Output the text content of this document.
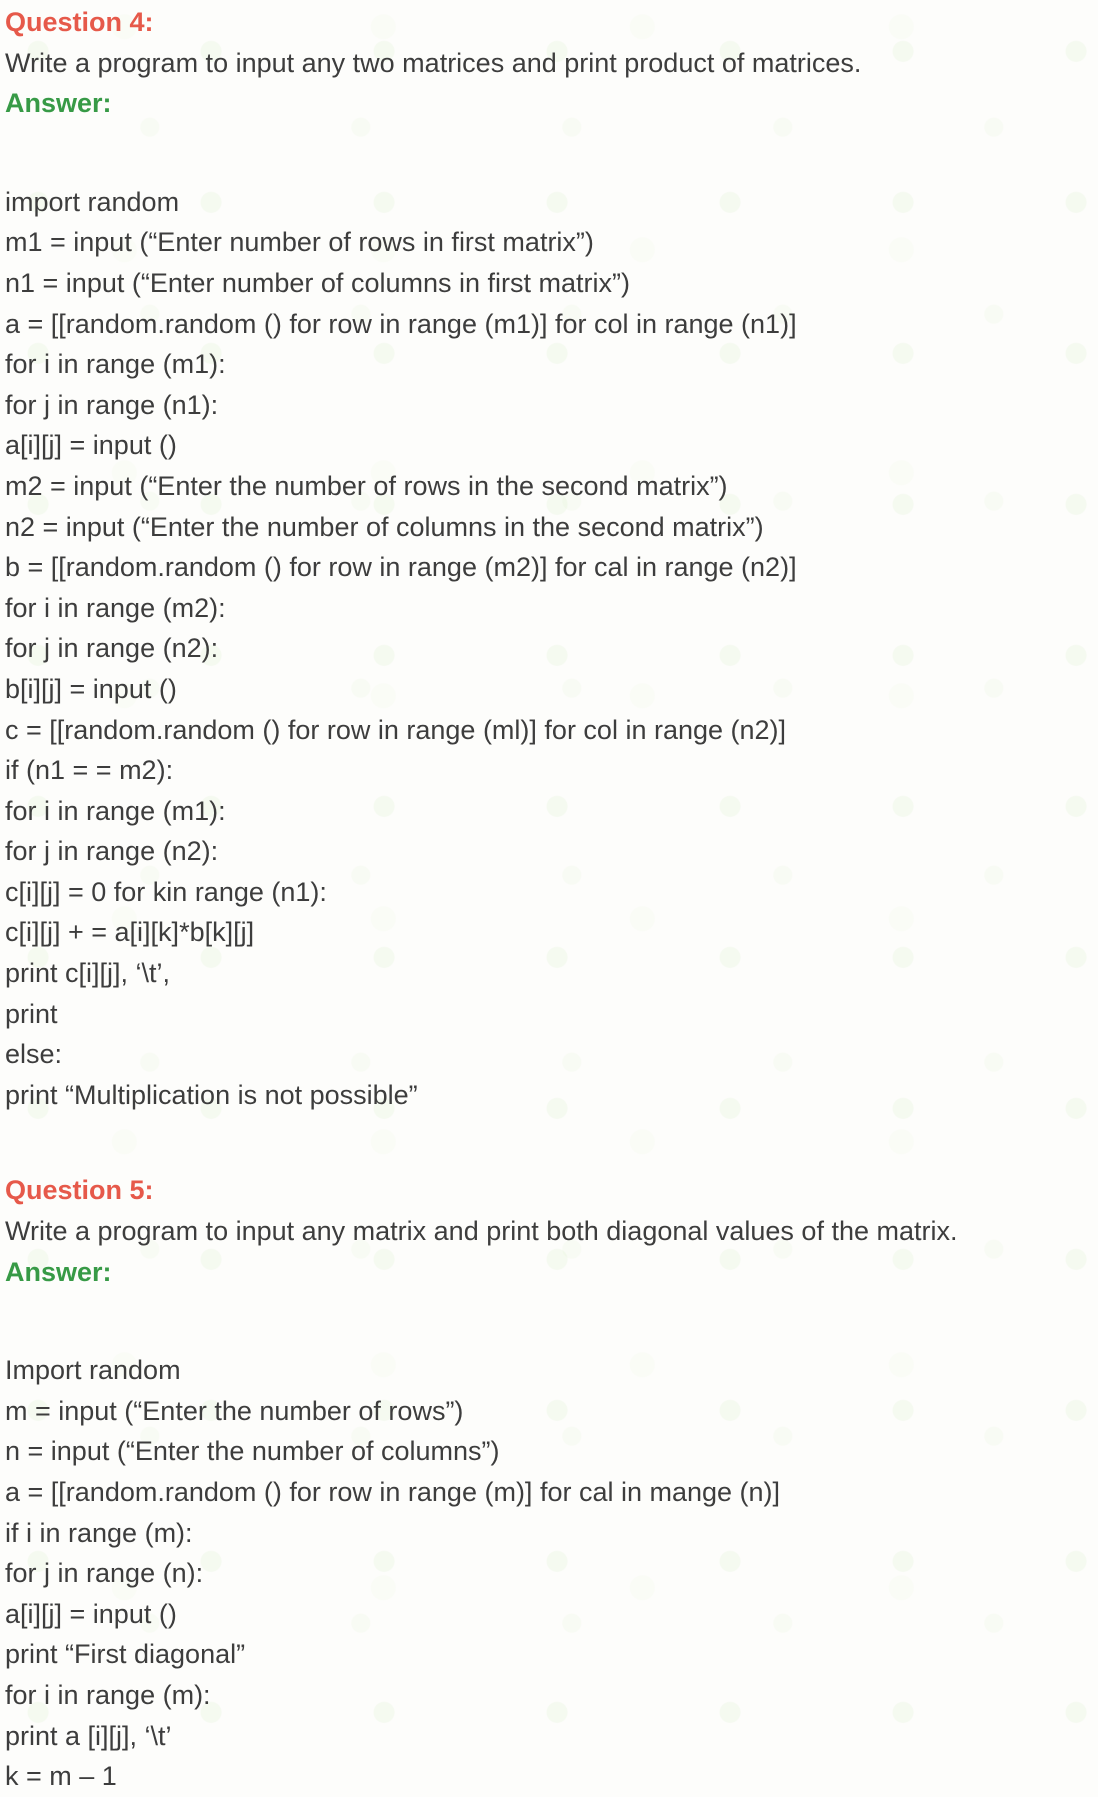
Question 4:

Write a program to input any two matrices and print product of matrices.

Answer:
import random
m1 = input (“Enter number of rows in first matrix”)
n1 = input (“Enter number of columns in first matrix”)
a = [[random.random () for row in range (m1)] for col in range (n1)]
for i in range (m1):
for j in range (n1):
a[i][j] = input ()
m2 = input (“Enter the number of rows in the second matrix”)
n2 = input (“Enter the number of columns in the second matrix”)
b = [[random.random () for row in range (m2)] for cal in range (n2)]
for i in range (m2):
for j in range (n2):
b[i][j] = input ()
c = [[random.random () for row in range (ml)] for col in range (n2)]
if (n1 = = m2):
for i in range (m1):
for j in range (n2):
c[i][j] = 0 for kin range (n1):
c[i][j] + = a[i][k]*b[k][j]
print c[i][j], ‘\t’,
print
else:
print “Multiplication is not possible”
Question 5:

Write a program to input any matrix and print both diagonal values of the matrix.

Answer:
Import random
m = input (“Enter the number of rows”)
n = input (“Enter the number of columns”)
a = [[random.random () for row in range (m)] for cal in mange (n)]
if i in range (m):
for j in range (n):
a[i][j] = input ()
print “First diagonal”
for i in range (m):
print a [i][j], ‘\t’
k = m – 1
